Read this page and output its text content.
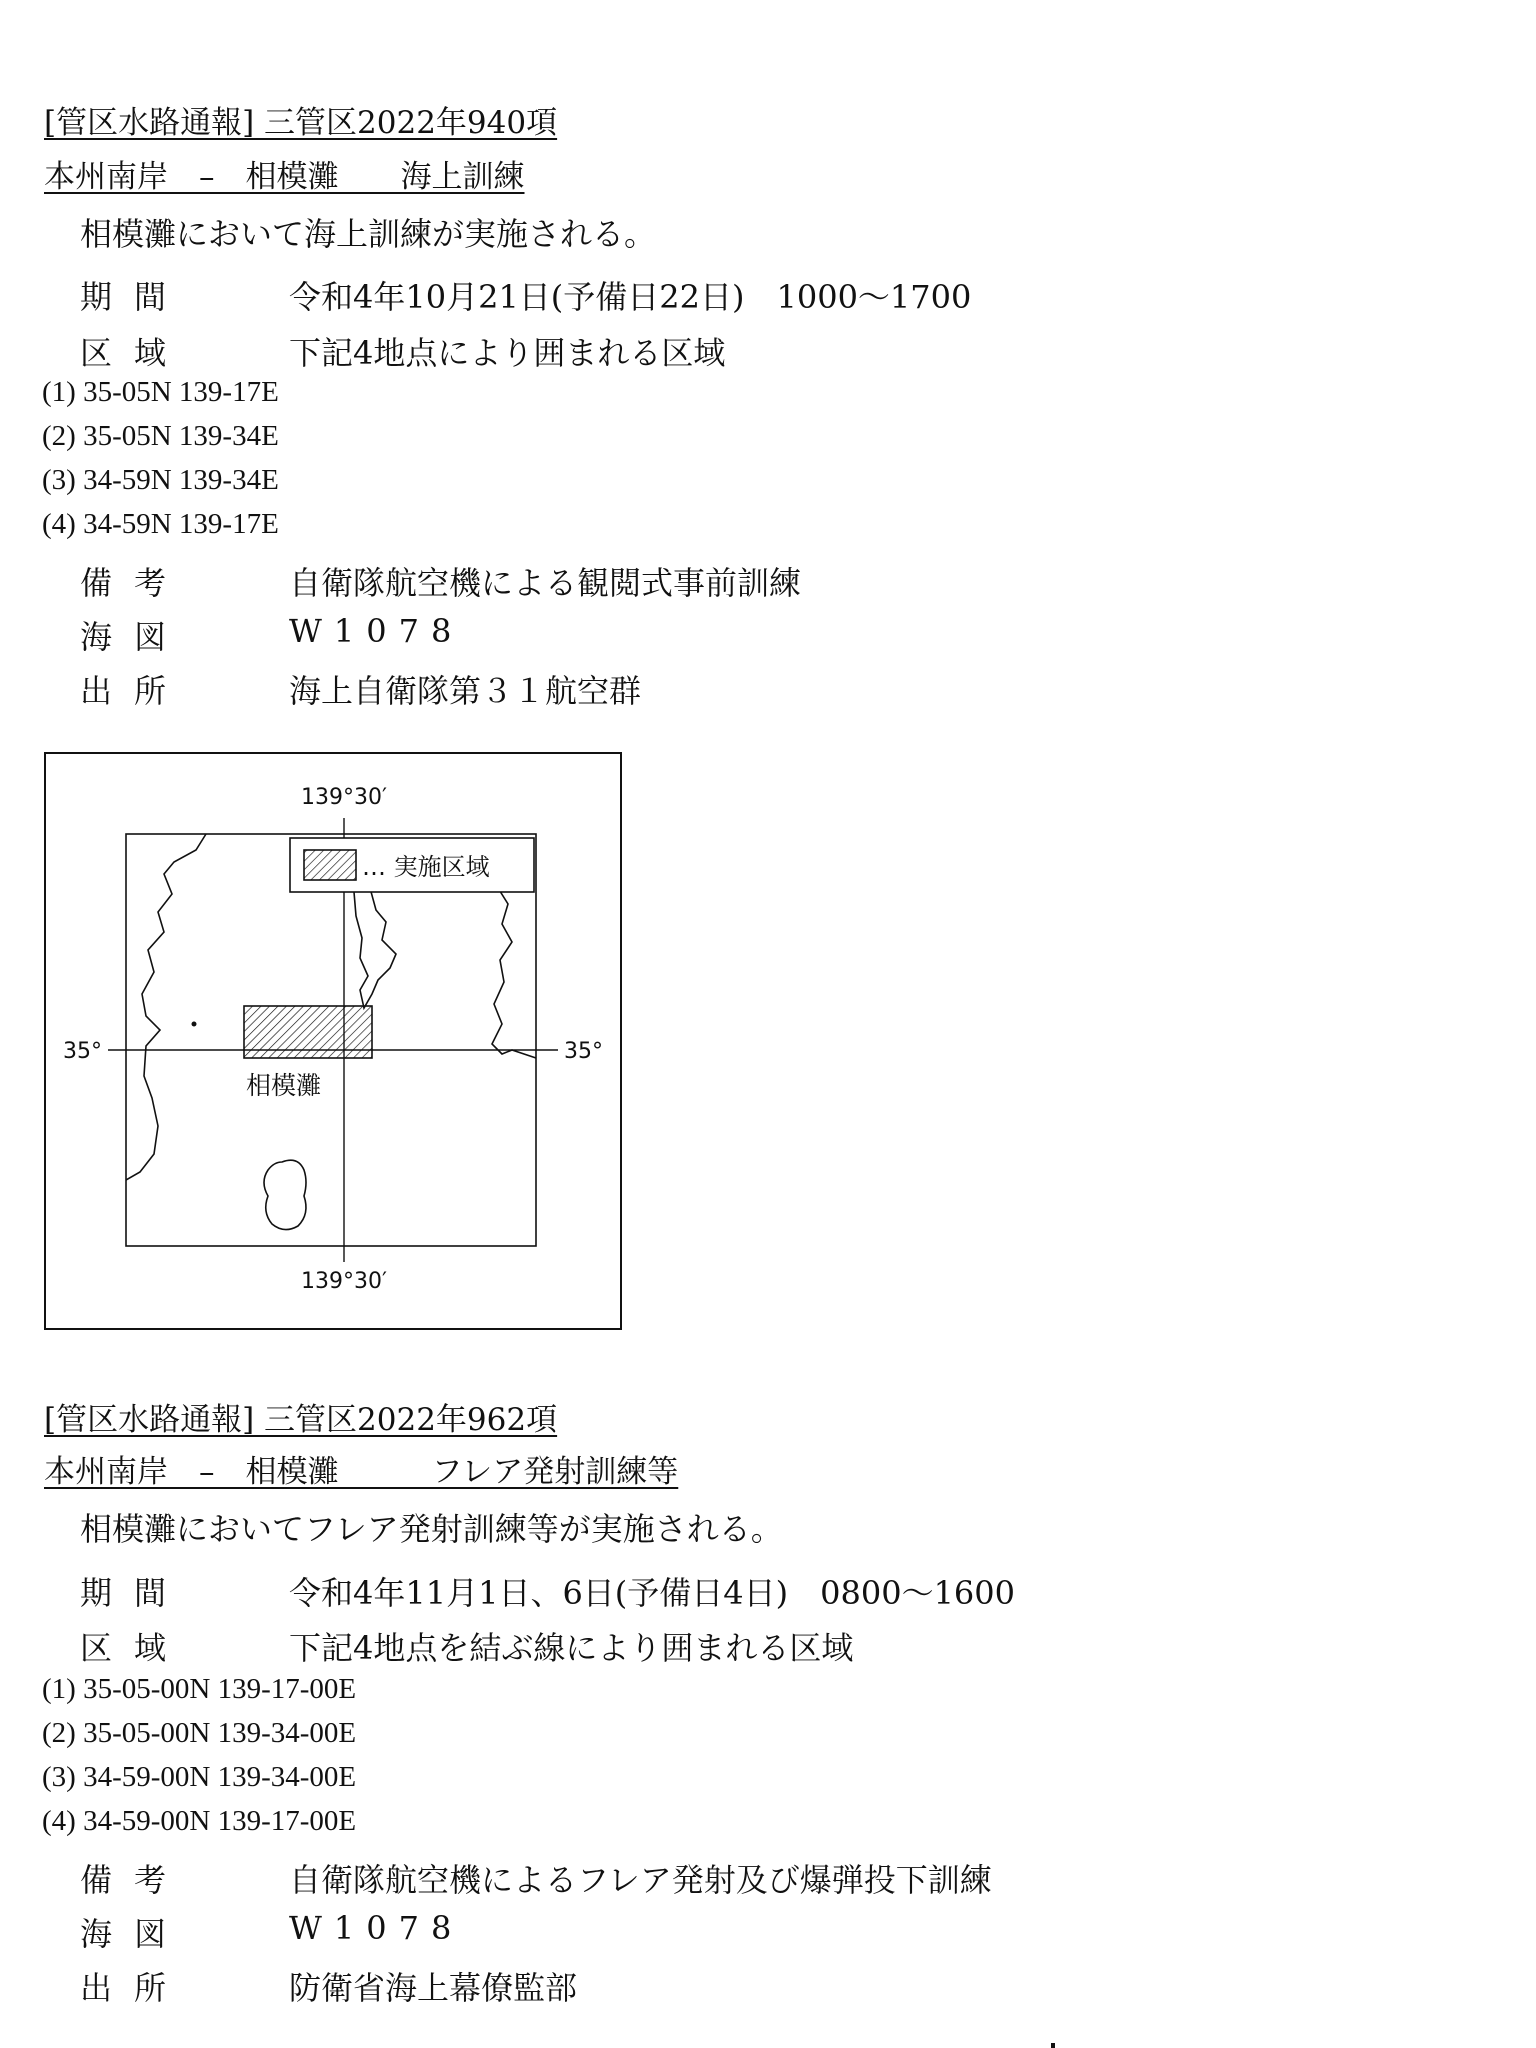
[管区水路通報] 三管区2022年940項
本州南岸　–　相模灘　　海上訓練
相模灘において海上訓練が実施される。
期間	令和4年10月21日(予備日22日)　1000〜1700
区域	下記4地点により囲まれる区域
(1) 35-05N 139-17E
(2) 35-05N 139-34E
(3) 34-59N 139-34E
(4) 34-59N 139-17E
備考	自衛隊航空機による観閲式事前訓練
海図	W1078
出所	海上自衛隊第３１航空群
… 実施区域
139°30′
139°30′
35°	35°
相模灘
[管区水路通報] 三管区2022年962項
本州南岸　–　相模灘　　　フレア発射訓練等
相模灘においてフレア発射訓練等が実施される。
期間	令和4年11月1日、6日(予備日4日)　0800〜1600
区域	下記4地点を結ぶ線により囲まれる区域
(1) 35-05-00N 139-17-00E
(2) 35-05-00N 139-34-00E
(3) 34-59-00N 139-34-00E
(4) 34-59-00N 139-17-00E
備考	自衛隊航空機によるフレア発射及び爆弾投下訓練
海図	W1078
出所	防衛省海上幕僚監部
